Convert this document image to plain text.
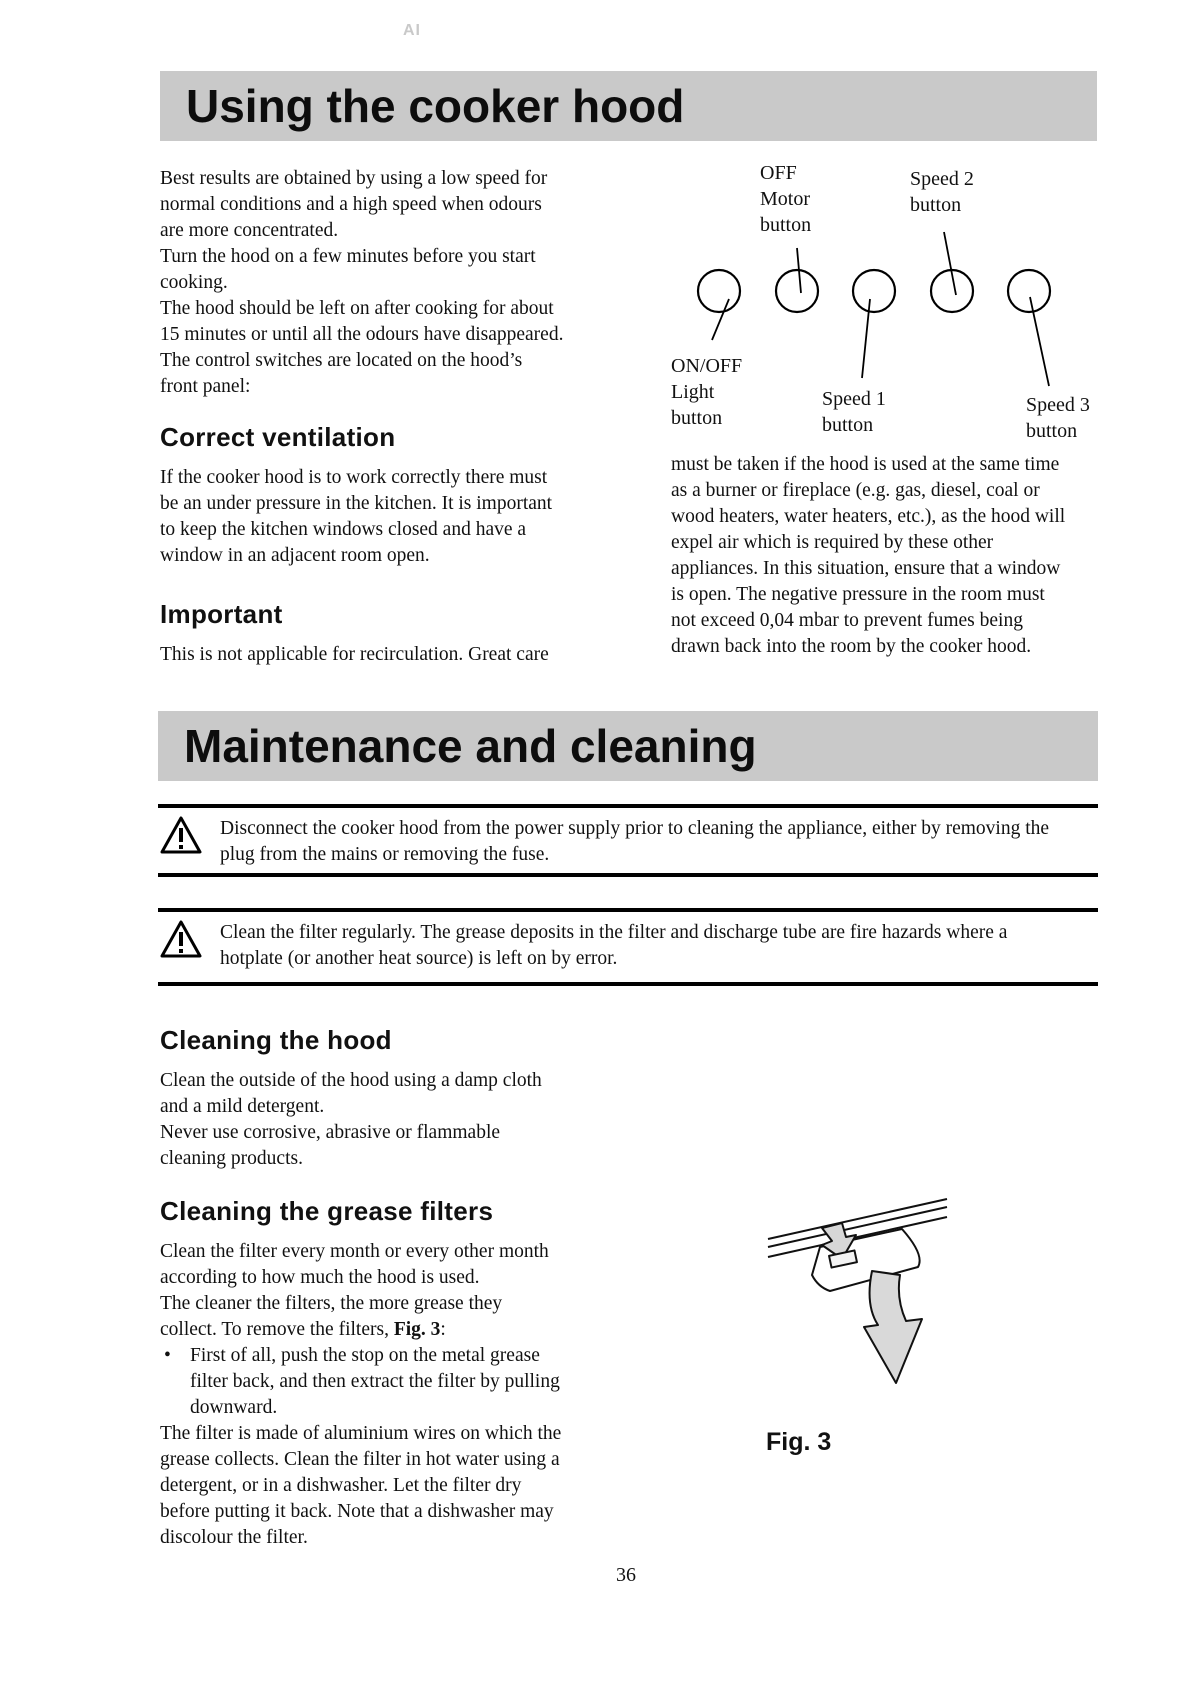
AI
Using the cooker hood

Best results are obtained by using a low speed for

normal conditions and a high speed when odours

are more concentrated.

Turn the hood on a few minutes before you start

cooking.

The hood should be left on after cooking for about

15 minutes or until all the odours have disappeared.

The control switches are located on the hood’s

front panel:

Correct ventilation

If the cooker hood is to work correctly there must

be an under pressure in the kitchen. It is important

to keep the kitchen windows closed and have a

window in an adjacent room open.

Important

This is not applicable for recirculation. Great care

OFF
Motor
button
Speed 2
button
ON/OFF
Light
button
Speed 1
button
Speed 3
button

must be taken if the hood is used at the same time

as a burner or fireplace (e.g. gas, diesel, coal or

wood heaters, water heaters, etc.), as the hood will

expel air which is required by these other

appliances. In this situation, ensure that a window

is open. The negative pressure in the room must

not exceed 0,04 mbar to prevent fumes being

drawn back into the room by the cooker hood.

Maintenance and cleaning

Disconnect the cooker hood from the power supply prior to cleaning the appliance, either by removing the

plug from the mains or removing the fuse.

Clean the filter regularly. The grease deposits in the filter and discharge tube are fire hazards where a

hotplate (or another heat source) is left on by error.

Cleaning the hood

Clean the outside of the hood using a damp cloth

and a mild detergent.

Never use corrosive, abrasive or flammable

cleaning products.

Cleaning the grease filters

Clean the filter every month or every other month

according to how much the hood is used.

The cleaner the filters, the more grease they

collect. To remove the filters, Fig. 3:

• First of all, push the stop on the metal grease

filter back, and then extract the filter by pulling

downward.

The filter is made of aluminium wires on which the

grease collects. Clean the filter in hot water using a

detergent, or in a dishwasher. Let the filter dry

before putting it back. Note that a dishwasher may

discolour the filter.

Fig. 3
36
